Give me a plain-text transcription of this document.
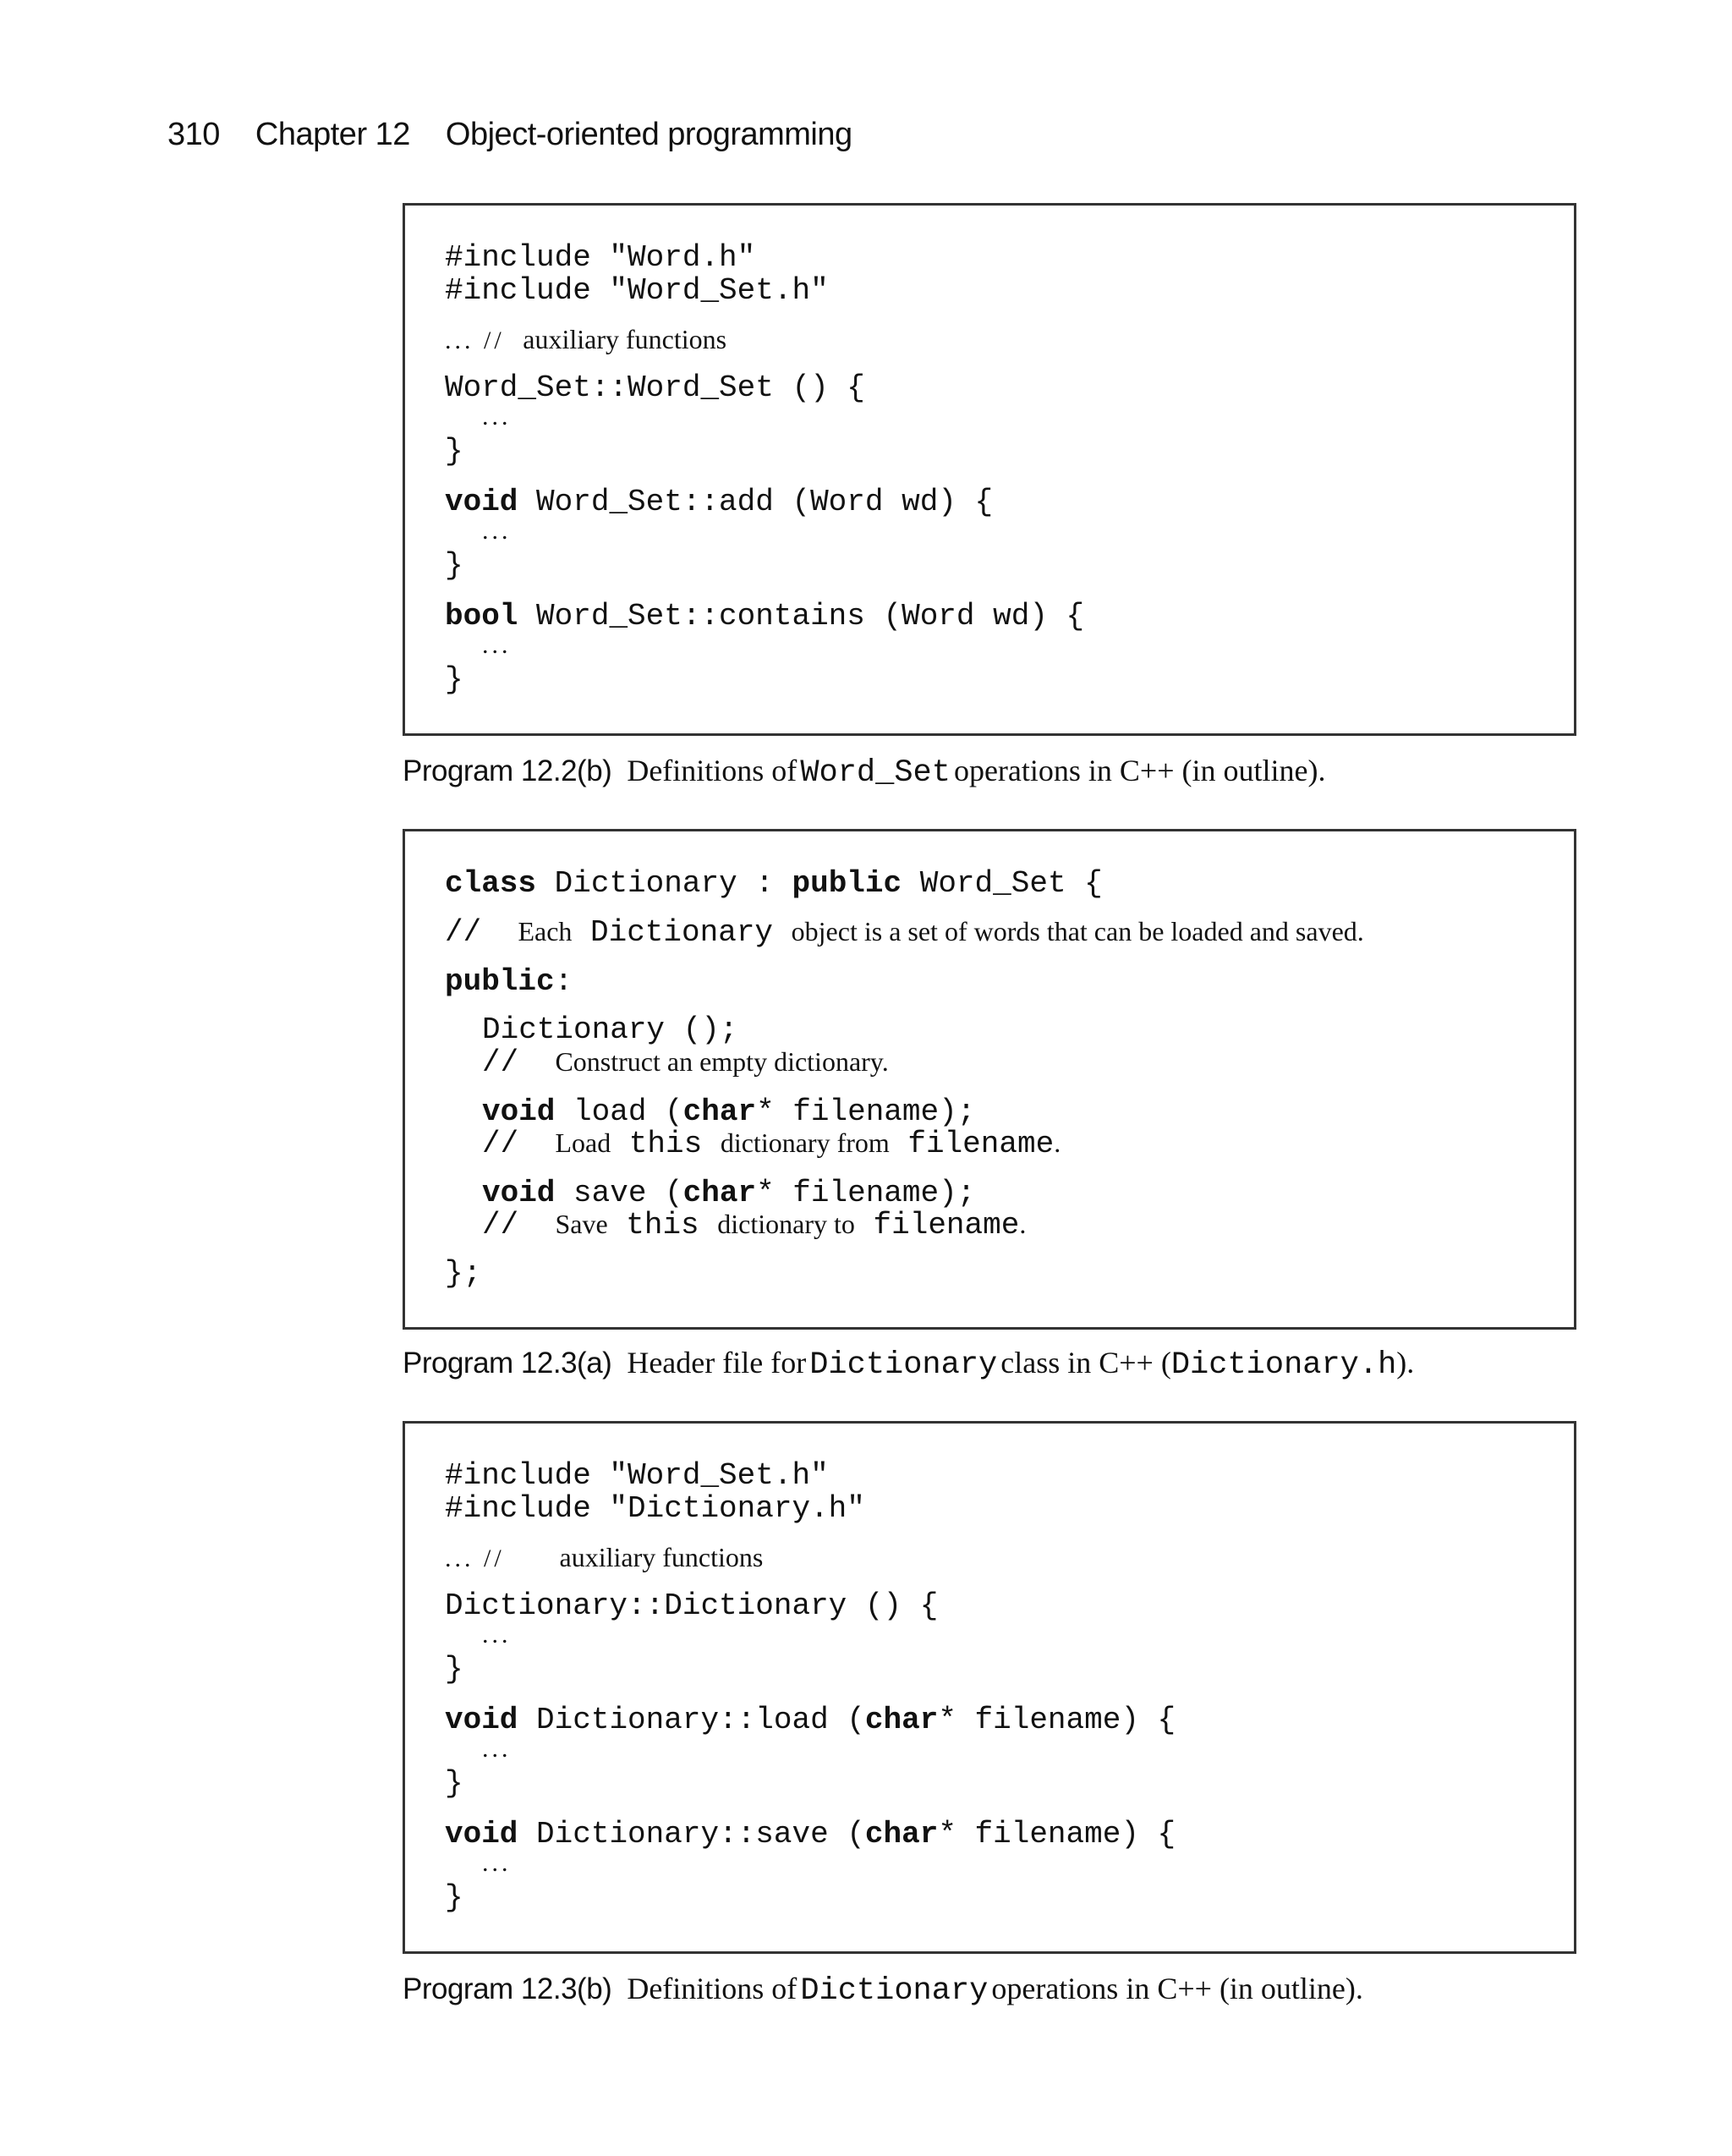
310 Chapter 12 Object-oriented programming
#include "Word.h"
#include "Word_Set.h"
... // auxiliary functions
Word_Set::Word_Set () {
...
}
void Word_Set::add (Word wd) {
...
}
bool Word_Set::contains (Word wd) {
...
}
Program 12.2(b) Definitions of Word_Set operations in C++ (in outline).
class Dictionary : public Word_Set {
// Each Dictionary object is a set of words that can be loaded and saved.
public:
Dictionary ();
// Construct an empty dictionary.
void load (char* filename);
// Load this dictionary from filename.
void save (char* filename);
// Save this dictionary to filename.
};
Program 12.3(a) Header file for Dictionary class in C++ (Dictionary.h).
#include "Word_Set.h"
#include "Dictionary.h"
... // auxiliary functions
Dictionary::Dictionary () {
...
}
void Dictionary::load (char* filename) {
...
}
void Dictionary::save (char* filename) {
...
}
Program 12.3(b) Definitions of Dictionary operations in C++ (in outline).
